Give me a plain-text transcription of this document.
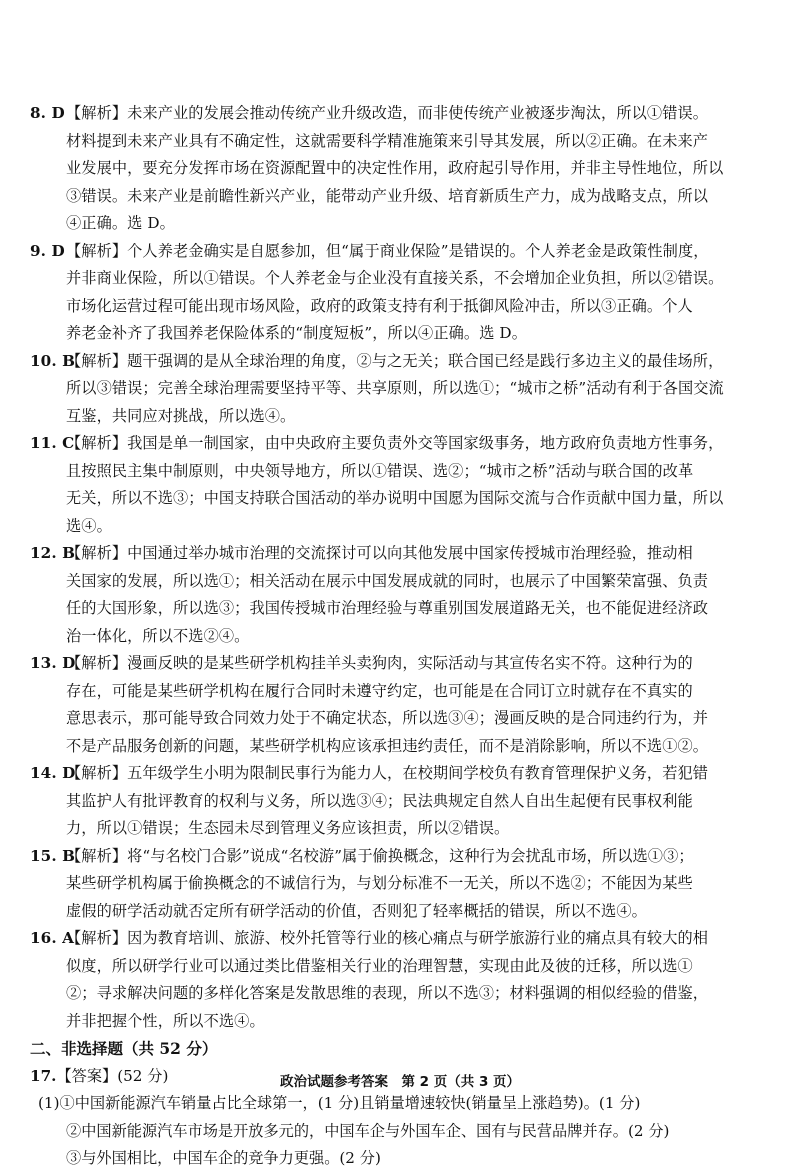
8. D【解析】未来产业的发展会推动传统产业升级改造，而非使传统产业被逐步淘汰，所以①错误。
材料提到未来产业具有不确定性，这就需要科学精准施策来引导其发展，所以②正确。在未来产
业发展中，要充分发挥市场在资源配置中的决定性作用，政府起引导作用，并非主导性地位，所以
③错误。未来产业是前瞻性新兴产业，能带动产业升级、培育新质生产力，成为战略支点，所以
④正确。选 D。
9. D【解析】个人养老金确实是自愿参加，但“属于商业保险”是错误的。个人养老金是政策性制度，
并非商业保险，所以①错误。个人养老金与企业没有直接关系，不会增加企业负担，所以②错误。
市场化运营过程可能出现市场风险，政府的政策支持有利于抵御风险冲击，所以③正确。个人
养老金补齐了我国养老保险体系的“制度短板”，所以④正确。选 D。
10. B【解析】题干强调的是从全球治理的角度，②与之无关；联合国已经是践行多边主义的最佳场所，
所以③错误；完善全球治理需要坚持平等、共享原则，所以选①；“城市之桥”活动有利于各国交流
互鉴，共同应对挑战，所以选④。
11. C【解析】我国是单一制国家，由中央政府主要负责外交等国家级事务，地方政府负责地方性事务，
且按照民主集中制原则，中央领导地方，所以①错误、选②；“城市之桥”活动与联合国的改革
无关，所以不选③；中国支持联合国活动的举办说明中国愿为国际交流与合作贡献中国力量，所以
选④。
12. B【解析】中国通过举办城市治理的交流探讨可以向其他发展中国家传授城市治理经验，推动相
关国家的发展，所以选①；相关活动在展示中国发展成就的同时，也展示了中国繁荣富强、负责
任的大国形象，所以选③；我国传授城市治理经验与尊重别国发展道路无关，也不能促进经济政
治一体化，所以不选②④。
13. D【解析】漫画反映的是某些研学机构挂羊头卖狗肉，实际活动与其宣传名实不符。这种行为的
存在，可能是某些研学机构在履行合同时未遵守约定，也可能是在合同订立时就存在不真实的
意思表示，那可能导致合同效力处于不确定状态，所以选③④；漫画反映的是合同违约行为，并
不是产品服务创新的问题，某些研学机构应该承担违约责任，而不是消除影响，所以不选①②。
14. D【解析】五年级学生小明为限制民事行为能力人，在校期间学校负有教育管理保护义务，若犯错
其监护人有批评教育的权利与义务，所以选③④；民法典规定自然人自出生起便有民事权利能
力，所以①错误；生态园未尽到管理义务应该担责，所以②错误。
15. B【解析】将“与名校门合影”说成“名校游”属于偷换概念，这种行为会扰乱市场，所以选①③；
某些研学机构属于偷换概念的不诚信行为，与划分标准不一无关，所以不选②；不能因为某些
虚假的研学活动就否定所有研学活动的价值，否则犯了轻率概括的错误，所以不选④。
16. A【解析】因为教育培训、旅游、校外托管等行业的核心痛点与研学旅游行业的痛点具有较大的相
似度，所以研学行业可以通过类比借鉴相关行业的治理智慧，实现由此及彼的迁移，所以选①
②；寻求解决问题的多样化答案是发散思维的表现，所以不选③；材料强调的相似经验的借鉴，
并非把握个性，所以不选④。
二、非选择题（共 52 分）
17.【答案】(52 分)
(1)①中国新能源汽车销量占比全球第一，(1 分)且销量增速较快(销量呈上涨趋势)。(1 分)
②中国新能源汽车市场是开放多元的，中国车企与外国车企、国有与民营品牌并存。(2 分)
③与外国相比，中国车企的竞争力更强。(2 分)
政治试题参考答案　第 2 页（共 3 页）
